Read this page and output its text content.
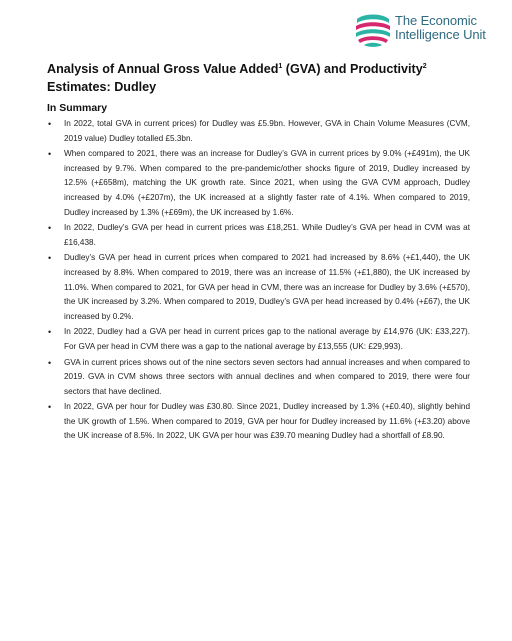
The Economic
Intelligence Unit
Analysis of Annual Gross Value Added$^1$ (GVA) and Productivity$^2$
Estimates: Dudley
In Summary
• In 2022, total GVA in current prices) for Dudley was £5.9bn. However, GVA in Chain Volume Measures (CVM, 2019 value) Dudley totalled £5.3bn.
• When compared to 2021, there was an increase for Dudley’s GVA in current prices by 9.0% (+£491m), the UK increased by 9.7%. When compared to the pre-pandemic/other shocks figure of 2019, Dudley increased by 12.5% (+£658m), matching the UK growth rate. Since 2021, when using the GVA CVM approach, Dudley increased by 4.0% (+£207m), the UK increased at a slightly faster rate of 4.1%. When compared to 2019, Dudley increased by 1.3% (+£69m), the UK increased by 1.6%.
• In 2022, Dudley’s GVA per head in current prices was £18,251. While Dudley’s GVA per head in CVM was at £16,438.
• Dudley’s GVA per head in current prices when compared to 2021 had increased by 8.6% (+£1,440), the UK increased by 8.8%. When compared to 2019, there was an increase of 11.5% (+£1,880), the UK increased by 11.0%. When compared to 2021, for GVA per head in CVM, there was an increase for Dudley by 3.6% (+£570), the UK increased by 3.2%. When compared to 2019, Dudley’s GVA per head increased by 0.4% (+£67), the UK increased by 0.2%.
• In 2022, Dudley had a GVA per head in current prices gap to the national average by £14,976 (UK: £33,227). For GVA per head in CVM there was a gap to the national average by £13,555 (UK: £29,993).
• GVA in current prices shows out of the nine sectors seven sectors had annual increases and when compared to 2019. GVA in CVM shows three sectors with annual declines and when compared to 2019, there were four sectors that have declined.
• In 2022, GVA per hour for Dudley was £30.80. Since 2021, Dudley increased by 1.3% (+£0.40), slightly behind the UK growth of 1.5%. When compared to 2019, GVA per hour for Dudley increased by 11.6% (+£3.20) above the UK increase of 8.5%. In 2022, UK GVA per hour was £39.70 meaning Dudley had a shortfall of £8.90.
